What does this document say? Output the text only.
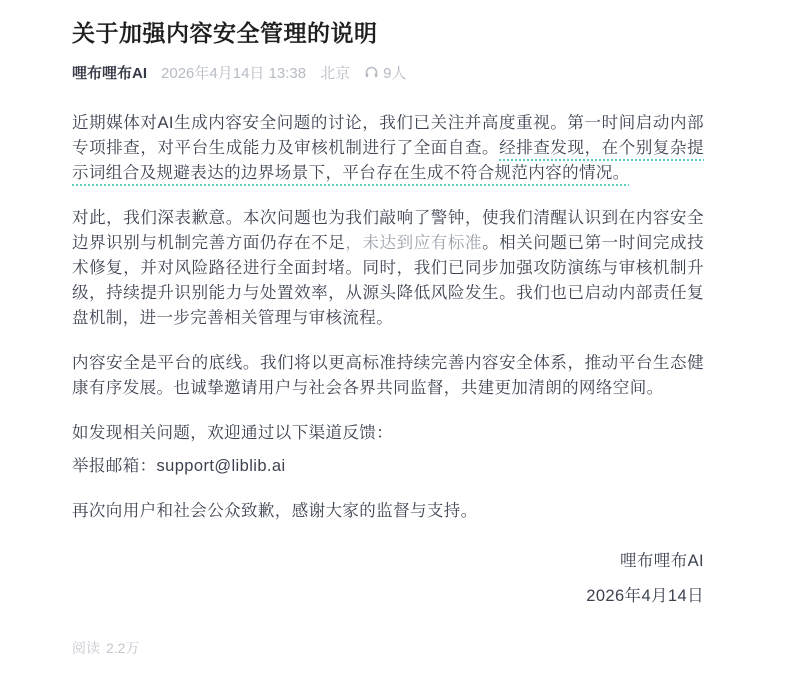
关于加强内容安全管理的说明
哩布哩布AI 2026年4月14日 13:38 北京 9人

近期媒体对AI生成内容安全问题的讨论，我们已关注并高度重视。第一时间启动内部专项排查，对平台生成能力及审核机制进行了全面自查。经排查发现，在个别复杂提示词组合及规避表达的边界场景下，平台存在生成不符合规范内容的情况。

对此，我们深表歉意。本次问题也为我们敲响了警钟，使我们清醒认识到在内容安全边界识别与机制完善方面仍存在不足，未达到应有标准。相关问题已第一时间完成技术修复，并对风险路径进行全面封堵。同时，我们已同步加强攻防演练与审核机制升级，持续提升识别能力与处置效率，从源头降低风险发生。我们也已启动内部责任复盘机制，进一步完善相关管理与审核流程。

内容安全是平台的底线。我们将以更高标准持续完善内容安全体系，推动平台生态健康有序发展。也诚挚邀请用户与社会各界共同监督，共建更加清朗的网络空间。

如发现相关问题，欢迎通过以下渠道反馈：

举报邮箱：support@liblib.ai

再次向用户和社会公众致歉，感谢大家的监督与支持。

哩布哩布AI
2026年4月14日
阅读 2.2万
